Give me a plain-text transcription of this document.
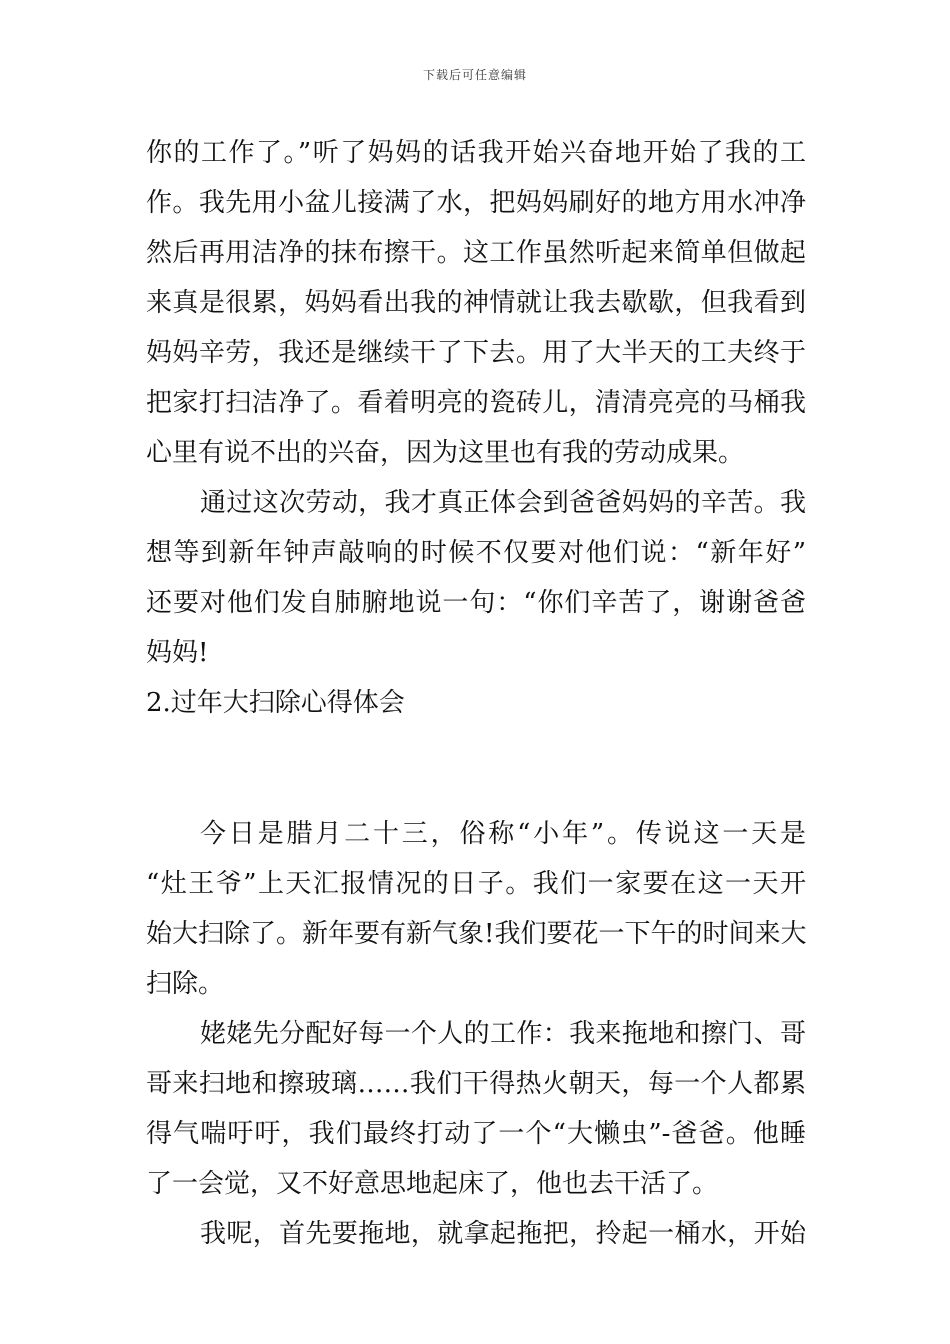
下载后可任意编辑
你的工作了。”听了妈妈的话我开始兴奋地开始了我的工
作。我先用小盆儿接满了水，把妈妈刷好的地方用水冲净
然后再用洁净的抹布擦干。这工作虽然听起来简单但做起
来真是很累，妈妈看出我的神情就让我去歇歇，但我看到
妈妈辛劳，我还是继续干了下去。用了大半天的工夫终于
把家打扫洁净了。看着明亮的瓷砖儿，清清亮亮的马桶我
心里有说不出的兴奋，因为这里也有我的劳动成果。
通过这次劳动，我才真正体会到爸爸妈妈的辛苦。我
想等到新年钟声敲响的时候不仅要对他们说：“新年好”
还要对他们发自肺腑地说一句：“你们辛苦了，谢谢爸爸
妈妈!
2.过年大扫除心得体会
今日是腊月二十三，俗称“小年”。传说这一天是
“灶王爷”上天汇报情况的日子。我们一家要在这一天开
始大扫除了。新年要有新气象!我们要花一下午的时间来大
扫除。
姥姥先分配好每一个人的工作：我来拖地和擦门、哥
哥来扫地和擦玻璃……我们干得热火朝天，每一个人都累
得气喘吁吁，我们最终打动了一个“大懒虫”-爸爸。他睡
了一会觉，又不好意思地起床了，他也去干活了。
我呢，首先要拖地，就拿起拖把，拎起一桶水，开始
